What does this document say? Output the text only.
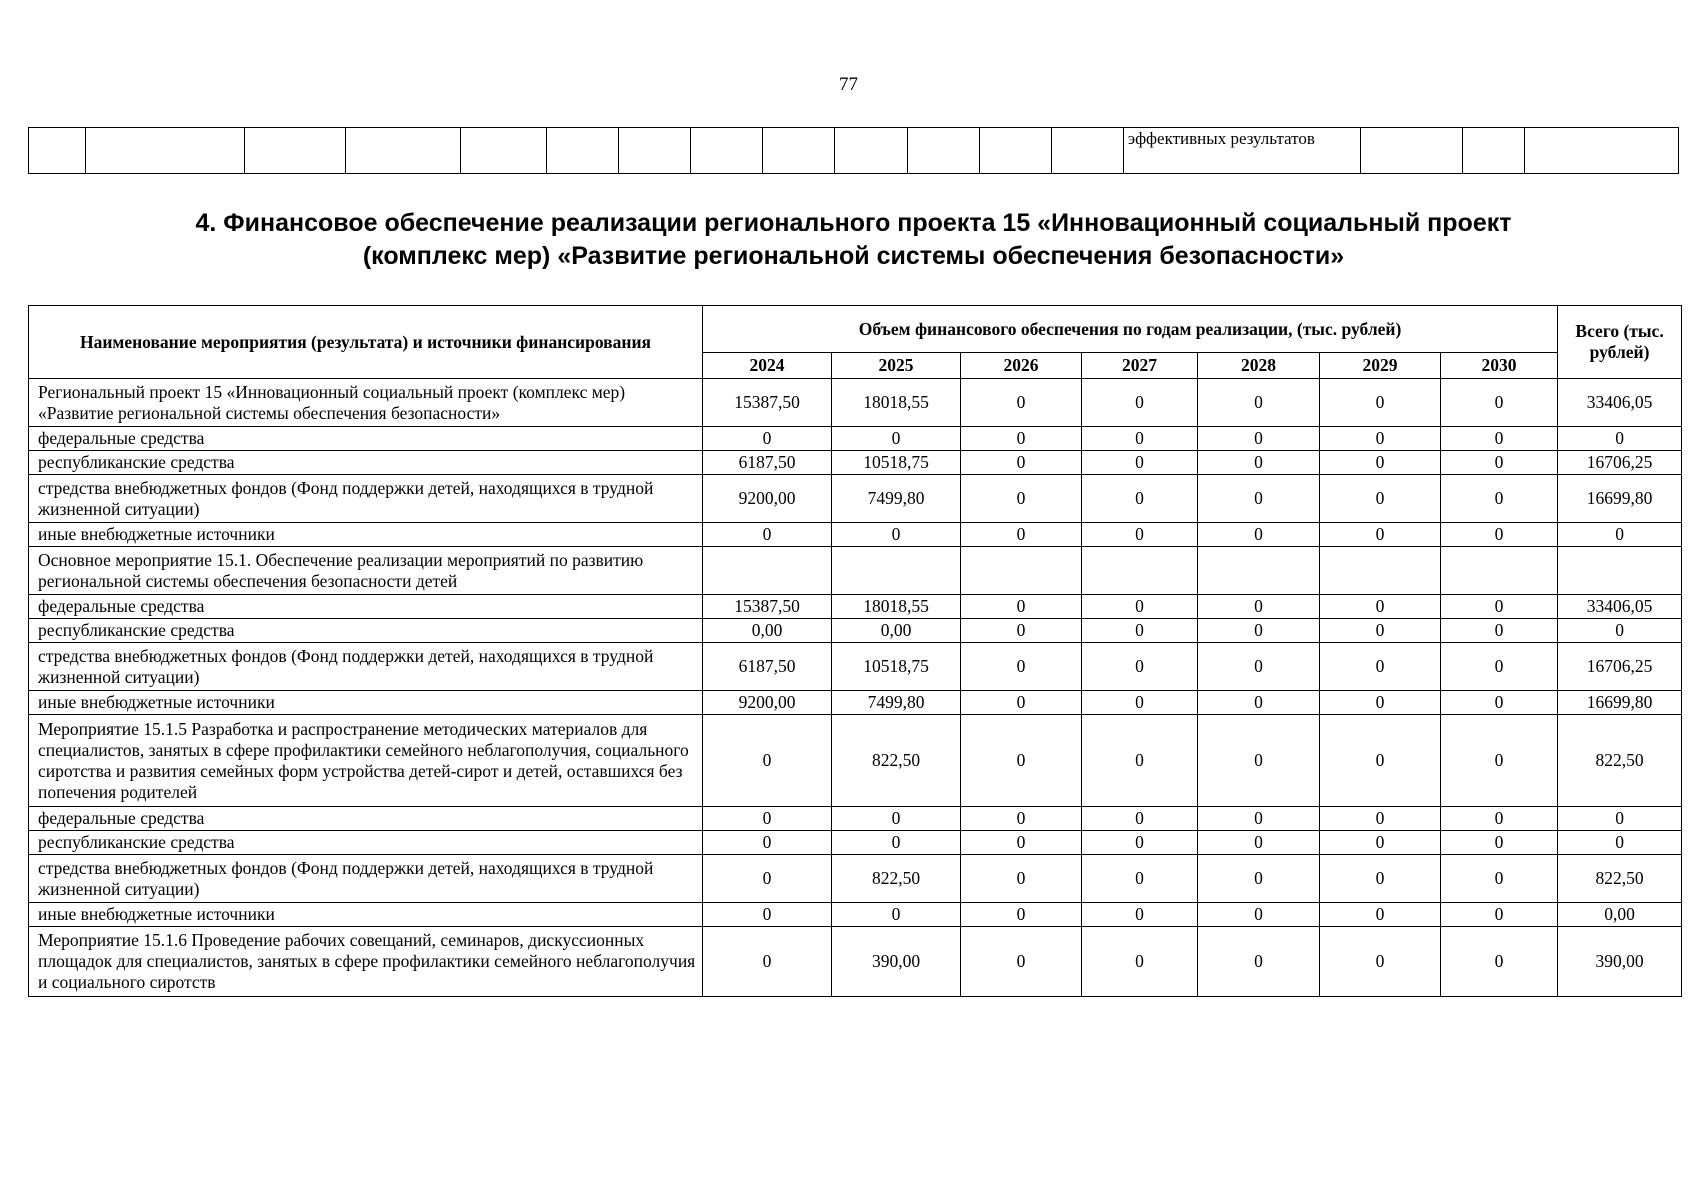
77
													эффективных результатов			
4. Финансовое обеспечение реализации регионального проекта 15 «Инновационный социальный проект
(комплекс мер) «Развитие региональной системы обеспечения безопасности»
Наименование мероприятия (результата) и источники финансирования	Объем финансового обеспечения по годам реализации, (тыс. рублей)							Всего (тыс. рублей)
	2024	2025	2026	2027	2028	2029	2030	
Региональный проект 15 «Инновационный социальный проект (комплекс мер) «Развитие региональной системы обеспечения безопасности»	15387,50	18018,55	0	0	0	0	0	33406,05
федеральные средства	0	0	0	0	0	0	0	0
республиканские средства	6187,50	10518,75	0	0	0	0	0	16706,25
стредства внебюджетных фондов (Фонд поддержки детей, находящихся в трудной жизненной ситуации)	9200,00	7499,80	0	0	0	0	0	16699,80
иные внебюджетные источники	0	0	0	0	0	0	0	0
Основное мероприятие 15.1. Обеспечение реализации мероприятий по развитию региональной системы обеспечения безопасности детей								
федеральные средства	15387,50	18018,55	0	0	0	0	0	33406,05
республиканские средства	0,00	0,00	0	0	0	0	0	0
стредства внебюджетных фондов (Фонд поддержки детей, находящихся в трудной жизненной ситуации)	6187,50	10518,75	0	0	0	0	0	16706,25
иные внебюджетные источники	9200,00	7499,80	0	0	0	0	0	16699,80
Мероприятие 15.1.5 Разработка и распространение методических материалов для специалистов, занятых в сфере профилактики семейного неблагополучия, социального сиротства и развития семейных форм устройства детей-сирот и детей, оставшихся без попечения родителей	0	822,50	0	0	0	0	0	822,50
федеральные средства	0	0	0	0	0	0	0	0
республиканские средства	0	0	0	0	0	0	0	0
стредства внебюджетных фондов (Фонд поддержки детей, находящихся в трудной жизненной ситуации)	0	822,50	0	0	0	0	0	822,50
иные внебюджетные источники	0	0	0	0	0	0	0	0,00
Мероприятие 15.1.6 Проведение рабочих совещаний, семинаров, дискуссионных площадок для специалистов, занятых в сфере профилактики семейного неблагополучия и социального сиротств	0	390,00	0	0	0	0	0	390,00
